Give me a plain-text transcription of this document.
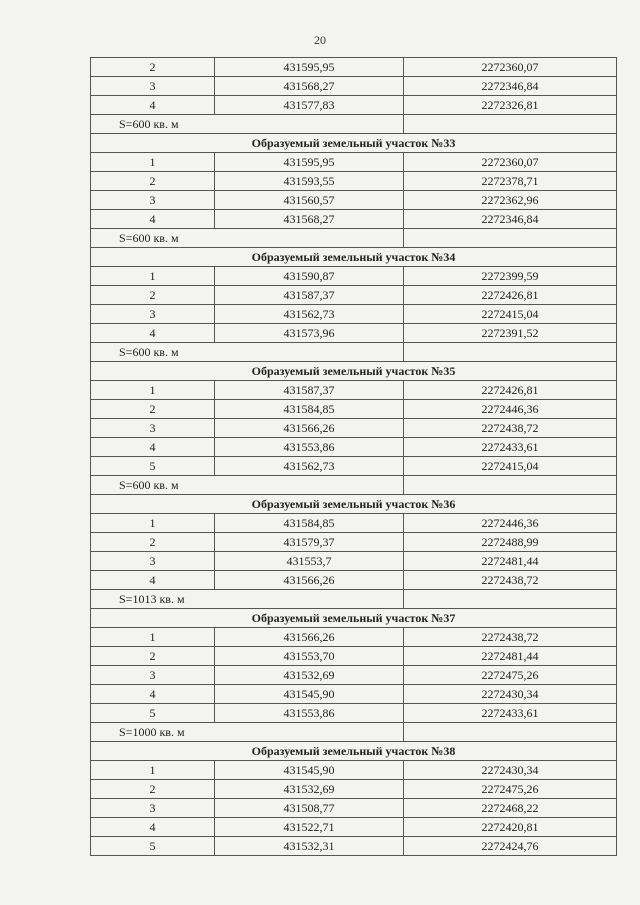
20
2	431595,95	2272360,07
3	431568,27	2272346,84
4	431577,83	2272326,81
S=600 кв. м		
Образуемый земельный участок №33		
1	431595,95	2272360,07
2	431593,55	2272378,71
3	431560,57	2272362,96
4	431568,27	2272346,84
S=600 кв. м		
Образуемый земельный участок №34		
1	431590,87	2272399,59
2	431587,37	2272426,81
3	431562,73	2272415,04
4	431573,96	2272391,52
S=600 кв. м		
Образуемый земельный участок №35		
1	431587,37	2272426,81
2	431584,85	2272446,36
3	431566,26	2272438,72
4	431553,86	2272433,61
5	431562,73	2272415,04
S=600 кв. м		
Образуемый земельный участок №36		
1	431584,85	2272446,36
2	431579,37	2272488,99
3	431553,7	2272481,44
4	431566,26	2272438,72
S=1013 кв. м		
Образуемый земельный участок №37		
1	431566,26	2272438,72
2	431553,70	2272481,44
3	431532,69	2272475,26
4	431545,90	2272430,34
5	431553,86	2272433,61
S=1000 кв. м		
Образуемый земельный участок №38		
1	431545,90	2272430,34
2	431532,69	2272475,26
3	431508,77	2272468,22
4	431522,71	2272420,81
5	431532,31	2272424,76
